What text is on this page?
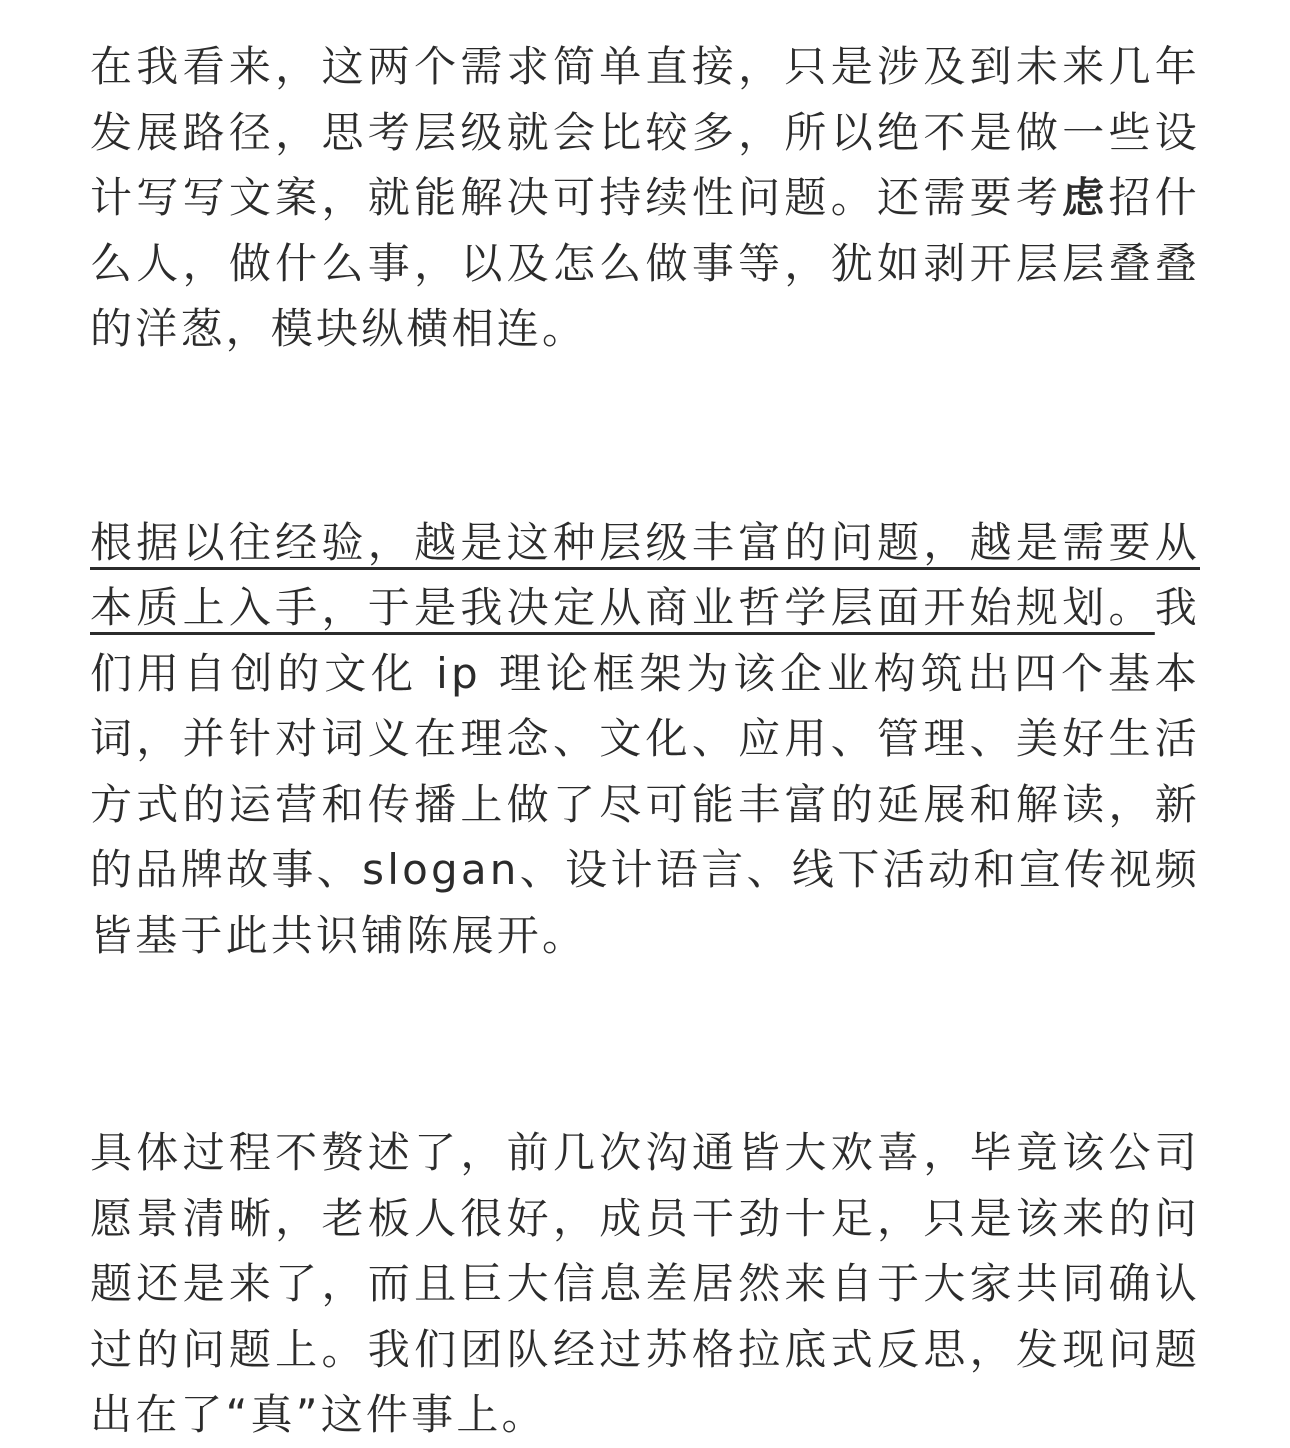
在我看来，这两个需求简单直接，只是涉及到未来几年发展路径，思考层级就会比较多，所以绝不是做一些设计写写文案，就能解决可持续性问题。还需要考虑招什么人，做什么事，以及怎么做事等，犹如剥开层层叠叠的洋葱，模块纵横相连。

根据以往经验，越是这种层级丰富的问题，越是需要从本质上入手，于是我决定从商业哲学层面开始规划。我们用自创的文化 ip 理论框架为该企业构筑出四个基本词，并针对词义在理念、文化、应用、管理、美好生活方式的运营和传播上做了尽可能丰富的延展和解读，新的品牌故事、slogan、设计语言、线下活动和宣传视频皆基于此共识铺陈展开。

具体过程不赘述了，前几次沟通皆大欢喜，毕竟该公司愿景清晰，老板人很好，成员干劲十足，只是该来的问题还是来了，而且巨大信息差居然来自于大家共同确认过的问题上。我们团队经过苏格拉底式反思，发现问题出在了“真”这件事上。
